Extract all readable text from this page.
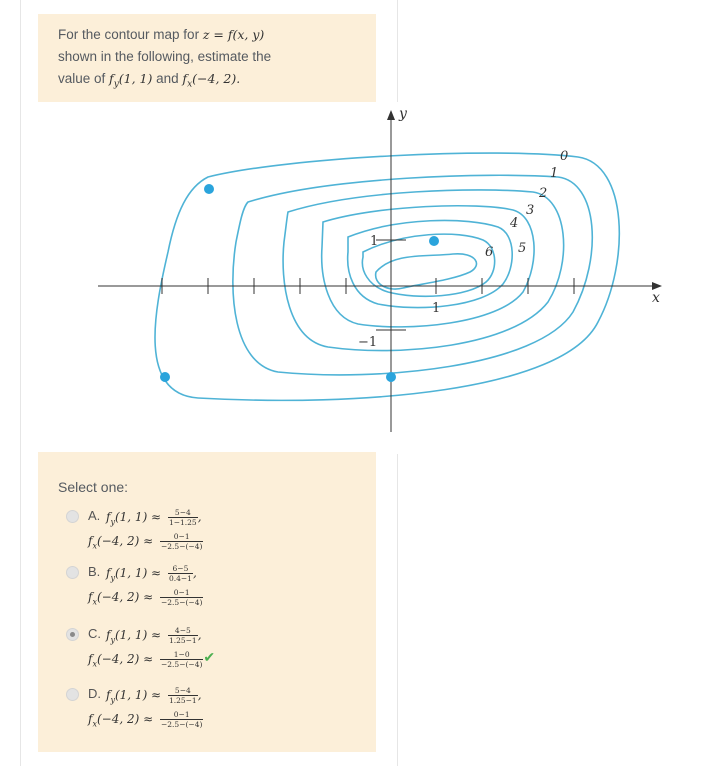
For the contour map for z = f(x, y)
shown in the following, estimate the
value of $f_y(1$, 1) and $f_x(-4$, 2).
1
−1
1
y
x
0
1
2
3
4
5
6
Select one:
A. $f_y(1$, $1) \approx \frac{5-4}{1-1.25}$ ,
$f_x(-4$, $2) \approx \frac{0-1}{-2.5-(-4)}$
B. $f_y(1$, $1) \approx \frac{6-5}{0.4-1}$ ,
$f_x(-4$, $2) \approx \frac{0-1}{-2.5-(-4)}$
C. $f_y(1$, $1) \approx \frac{4-5}{1.25-1}$ ,
$f_x(-4$, $2) \approx \frac{1-0}{-2.5-(-4)}$ ✔
D. $f_y(1$, $1) \approx \frac{5-4}{1.25-1}$ ,
$f_x(-4$, $2) \approx \frac{0-1}{-2.5-(-4)}$
